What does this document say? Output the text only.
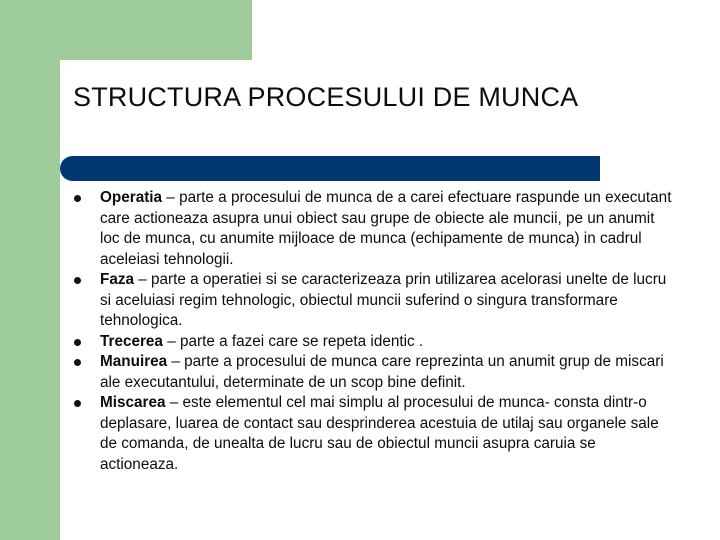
STRUCTURA PROCESULUI DE MUNCA
Operatia – parte a procesului de munca de a carei efectuare raspunde un executant care actioneaza asupra unui obiect sau grupe de obiecte ale muncii, pe un anumit loc de munca, cu anumite mijloace de munca (echipamente de munca) in cadrul aceleiasi tehnologii.
Faza – parte a operatiei si se caracterizeaza prin utilizarea acelorasi unelte de lucru si aceluiasi regim tehnologic, obiectul muncii suferind o singura transformare tehnologica.
Trecerea – parte a fazei care se repeta identic .
Manuirea – parte a procesului de munca care reprezinta un anumit grup de miscari ale executantului, determinate de un scop bine definit.
Miscarea – este elementul cel mai simplu al procesului de munca- consta dintr-o deplasare, luarea de contact sau desprinderea acestuia de utilaj sau organele sale de comanda, de unealta de lucru sau de obiectul muncii asupra caruia se actioneaza.
